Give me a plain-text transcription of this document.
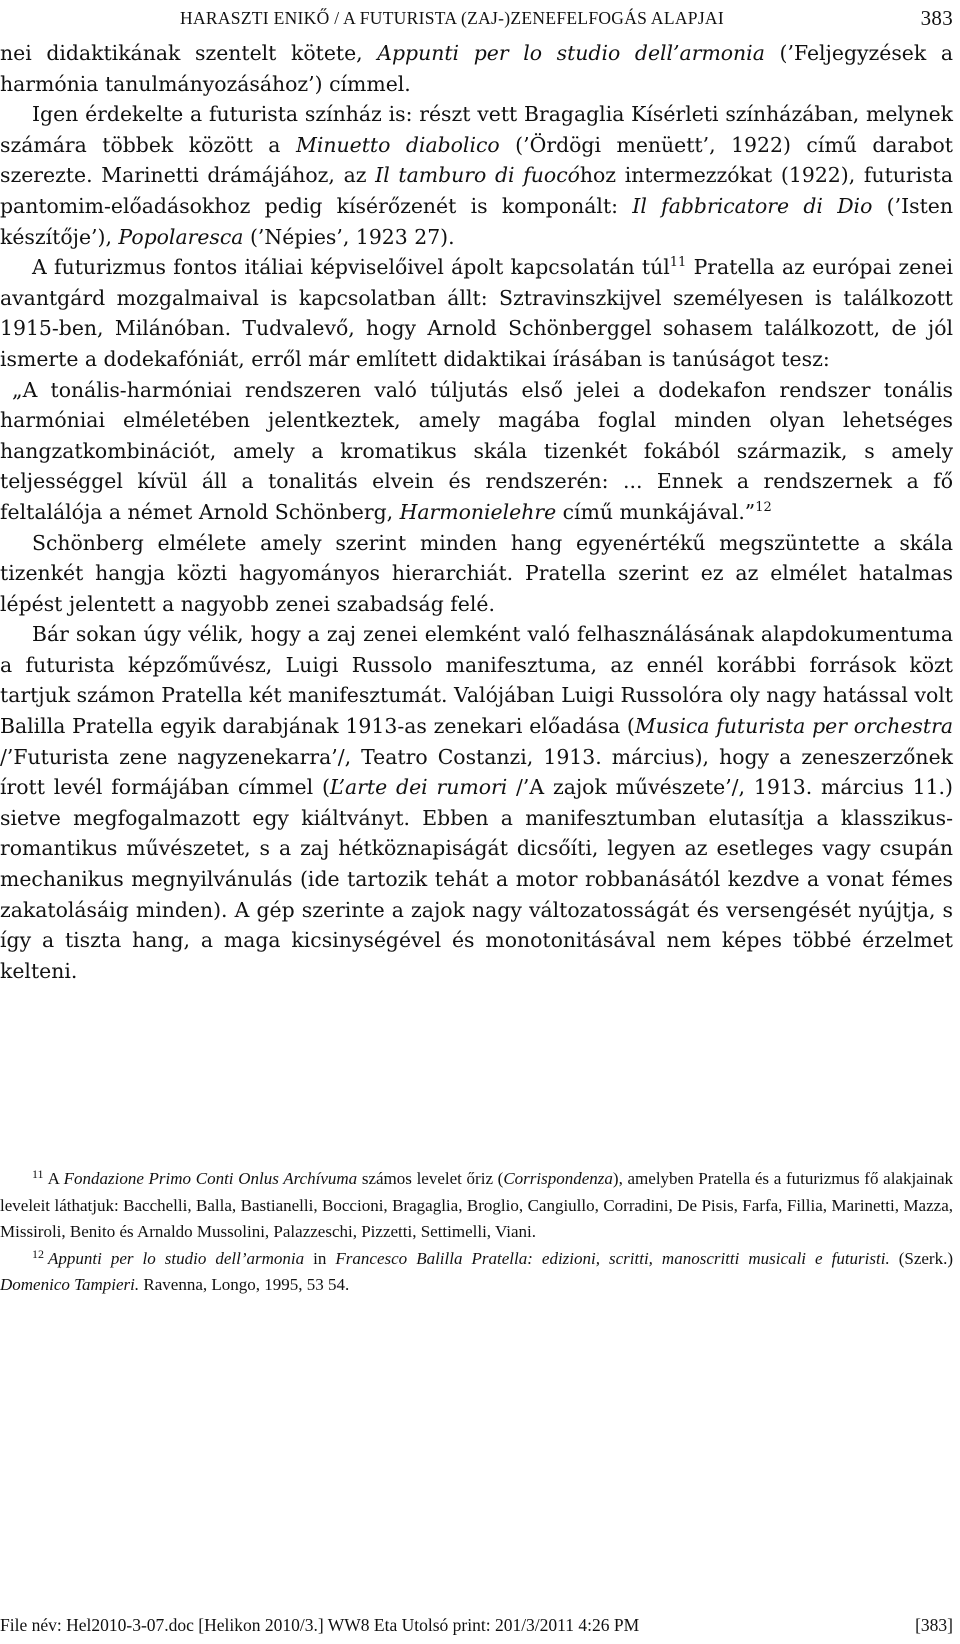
HARASZTI ENIKŐ / A FUTURISTA (ZAJ-)ZENEFELFOGÁS ALAPJAI	383

nei didaktikának szentelt kötete, Appunti per lo studio dell’armonia (’Feljegyzések a harmónia tanulmányozásához’) címmel.

Igen érdekelte a futurista színház is: részt vett Bragaglia Kísérleti színházában, melynek számára többek között a Minuetto diabolico (’Ördögi menüett’, 1922) című darabot szerezte. Marinetti drámájához, az Il tamburo di fuocóhoz intermezzókat (1922), futurista pantomim-előadásokhoz pedig kísérőzenét is komponált: Il fabbricatore di Dio (’Isten készítője’), Popolaresca (’Népies’, 1923 27).

A futurizmus fontos itáliai képviselőivel ápolt kapcsolatán túl$^{11}$ Pratella az európai zenei avantgárd mozgalmaival is kapcsolatban állt: Sztravinszkijvel személyesen is találkozott 1915-ben, Milánóban. Tudvalevő, hogy Arnold Schönberggel sohasem találkozott, de jól ismerte a dodekafóniát, erről már említett didaktikai írásában is tanúságot tesz:

„A tonális-harmóniai rendszeren való túljutás első jelei a dodekafon rendszer tonális harmóniai elméletében jelentkeztek, amely magába foglal minden olyan lehetséges hangzatkombinációt, amely a kromatikus skála tizenkét fokából származik, s amely teljességgel kívül áll a tonalitás elvein és rendszerén: ... Ennek a rendszernek a fő feltalálója a német Arnold Schönberg, Harmonielehre című munkájával.”$^{12}$

Schönberg elmélete amely szerint minden hang egyenértékű megszüntette a skála tizenkét hangja közti hagyományos hierarchiát. Pratella szerint ez az elmélet hatalmas lépést jelentett a nagyobb zenei szabadság felé.

Bár sokan úgy vélik, hogy a zaj zenei elemként való felhasználásának alapdokumentuma a futurista képzőművész, Luigi Russolo manifesztuma, az ennél korábbi források közt tartjuk számon Pratella két manifesztumát. Valójában Luigi Russolóra oly nagy hatással volt Balilla Pratella egyik darabjának 1913-as zenekari előadása (Musica futurista per orchestra /’Futurista zene nagyzenekarra’/, Teatro Costanzi, 1913. március), hogy a zeneszerzőnek írott levél formájában címmel (L’arte dei rumori /’A zajok művészete’/, 1913. március 11.) sietve megfogalmazott egy kiáltványt. Ebben a manifesztumban elutasítja a klasszikus-romantikus művészetet, s a zaj hétköznapiságát dicsőíti, legyen az esetleges vagy csupán mechanikus megnyilvánulás (ide tartozik tehát a motor robbanásától kezdve a vonat fémes zakatolásáig minden). A gép szerinte a zajok nagy változatosságát és versengését nyújtja, s így a tiszta hang, a maga kicsinységével és monotonitásával nem képes többé érzelmet kelteni.

$^{11}$ A Fondazione Primo Conti Onlus Archívuma számos levelet őriz (Corrispondenza), amelyben Pratella és a futurizmus fő alakjainak leveleit láthatjuk: Bacchelli, Balla, Bastianelli, Boccioni, Bragaglia, Broglio, Cangiullo, Corradini, De Pisis, Farfa, Fillia, Marinetti, Mazza, Missiroli, Benito és Arnaldo Mussolini, Palazzeschi, Pizzetti, Settimelli, Viani.

$^{12}$ Appunti per lo studio dell’armonia in Francesco Balilla Pratella: edizioni, scritti, manoscritti musicali e futuristi. (Szerk.) Domenico Tampieri. Ravenna, Longo, 1995, 53 54.

File név: Hel2010-3-07.doc [Helikon 2010/3.] WW8 Eta Utolsó print: 201/3/2011 4:26 PM	[383]
